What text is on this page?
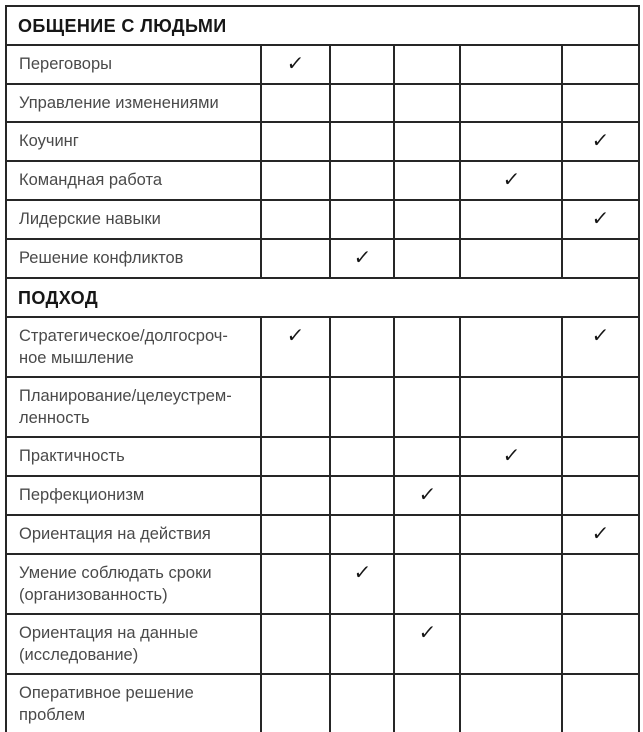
ОБЩЕНИЕ С ЛЮДЬМИ					
Переговоры	✓				
Управление изменениями					
Коучинг					✓
Командная работа				✓	
Лидерские навыки					✓
Решение конфликтов		✓			
ПОДХОД					
Стратегическое/долгосроч-
ное мышление	✓				✓
Планирование/целеустрем-
ленность					
Практичность				✓	
Перфекционизм			✓		
Ориентация на действия					✓
Умение соблюдать сроки
(организованность)		✓			
Ориентация на данные
(исследование)			✓		
Оперативное решение
проблем					
